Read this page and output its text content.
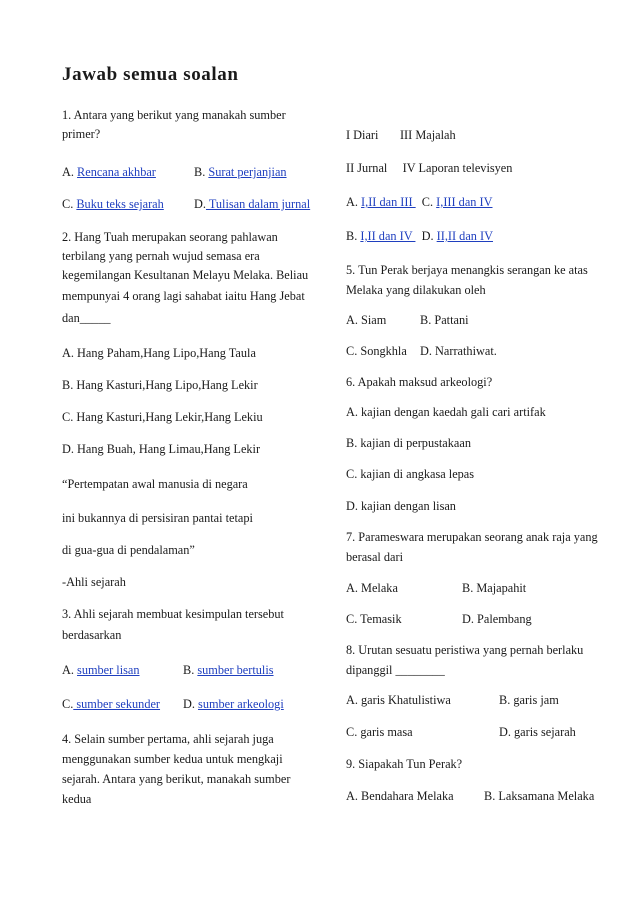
Jawab semua soalan
1. Antara yang berikut yang manakah sumber
primer?
A. Rencana akhbar	B. Surat perjanjian
C. Buku teks sejarah D. Tulisan dalam jurnal
2. Hang Tuah merupakan seorang pahlawan
terbilang yang pernah wujud semasa era
kegemilangan Kesultanan Melayu Melaka. Beliau
mempunyai 4 orang lagi sahabat iaitu Hang Jebat
dan_____
A. Hang Paham,Hang Lipo,Hang Taula
B. Hang Kasturi,Hang Lipo,Hang Lekir
C. Hang Kasturi,Hang Lekir,Hang Lekiu
D. Hang Buah, Hang Limau,Hang Lekir
“Pertempatan awal manusia di negara
ini bukannya di persisiran pantai tetapi
di gua-gua di pendalaman”
-Ahli sejarah
3. Ahli sejarah membuat kesimpulan tersebut
berdasarkan
A. sumber lisan	B. sumber bertulis
C. sumber sekunder D. sumber arkeologi
4. Selain sumber pertama, ahli sejarah juga
menggunakan sumber kedua untuk mengkaji
sejarah. Antara yang berikut, manakah sumber
kedua
I Diari       III Majalah
II Jurnal     IV Laporan televisyen
A. I,II dan III   C. I,III dan IV
B. I,II dan IV   D. II,II dan IV
5. Tun Perak berjaya menangkis serangan ke atas
Melaka yang dilakukan oleh
A. Siam	B. Pattani
C. Songkhla D. Narrathiwat.
6. Apakah maksud arkeologi?
A. kajian dengan kaedah gali cari artifak
B. kajian di perpustakaan
C. kajian di angkasa lepas
D. kajian dengan lisan
7. Parameswara merupakan seorang anak raja yang
berasal dari
A. Melaka	B. Majapahit
C. Temasik	D. Palembang
8. Urutan sesuatu peristiwa yang pernah berlaku
dipanggil ________
A. garis Khatulistiwa	B. garis jam
C. garis masa	D. garis sejarah
9. Siapakah Tun Perak?
A. Bendahara Melaka B. Laksamana Melaka
